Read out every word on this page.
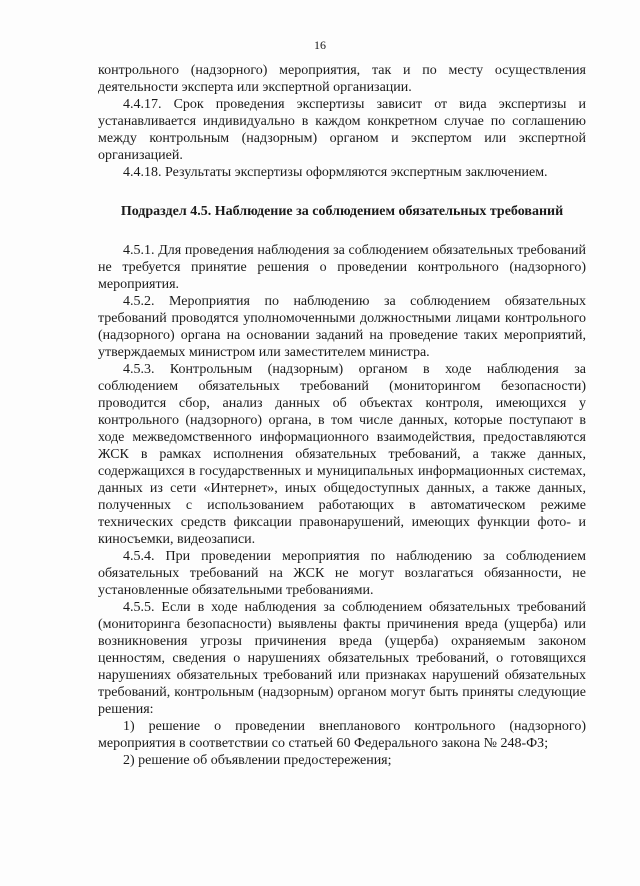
16

контрольного (надзорного) мероприятия, так и по месту осуществления деятельности эксперта или экспертной организации.

4.4.17. Срок проведения экспертизы зависит от вида экспертизы и устанавливается индивидуально в каждом конкретном случае по соглашению между контрольным (надзорным) органом и экспертом или экспертной организацией.

4.4.18. Результаты экспертизы оформляются экспертным заключением.

Подраздел 4.5. Наблюдение за соблюдением обязательных требований

4.5.1. Для проведения наблюдения за соблюдением обязательных требований не требуется принятие решения о проведении контрольного (надзорного) мероприятия.

4.5.2. Мероприятия по наблюдению за соблюдением обязательных требований проводятся уполномоченными должностными лицами контрольного (надзорного) органа на основании заданий на проведение таких мероприятий, утверждаемых министром или заместителем министра.

4.5.3. Контрольным (надзорным) органом в ходе наблюдения за соблюдением обязательных требований (мониторингом безопасности) проводится сбор, анализ данных об объектах контроля, имеющихся у контрольного (надзорного) органа, в том числе данных, которые поступают в ходе межведомственного информационного взаимодействия, предоставляются ЖСК в рамках исполнения обязательных требований, а также данных, содержащихся в государственных и муниципальных информационных системах, данных из сети «Интернет», иных общедоступных данных, а также данных, полученных с использованием работающих в автоматическом режиме технических средств фиксации правонарушений, имеющих функции фото- и киносъемки, видеозаписи.

4.5.4. При проведении мероприятия по наблюдению за соблюдением обязательных требований на ЖСК не могут возлагаться обязанности, не установленные обязательными требованиями.

4.5.5. Если в ходе наблюдения за соблюдением обязательных требований (мониторинга безопасности) выявлены факты причинения вреда (ущерба) или возникновения угрозы причинения вреда (ущерба) охраняемым законом ценностям, сведения о нарушениях обязательных требований, о готовящихся нарушениях обязательных требований или признаках нарушений обязательных требований, контрольным (надзорным) органом могут быть приняты следующие решения:

1) решение о проведении внепланового контрольного (надзорного) мероприятия в соответствии со статьей 60 Федерального закона № 248-ФЗ;

2) решение об объявлении предостережения;
